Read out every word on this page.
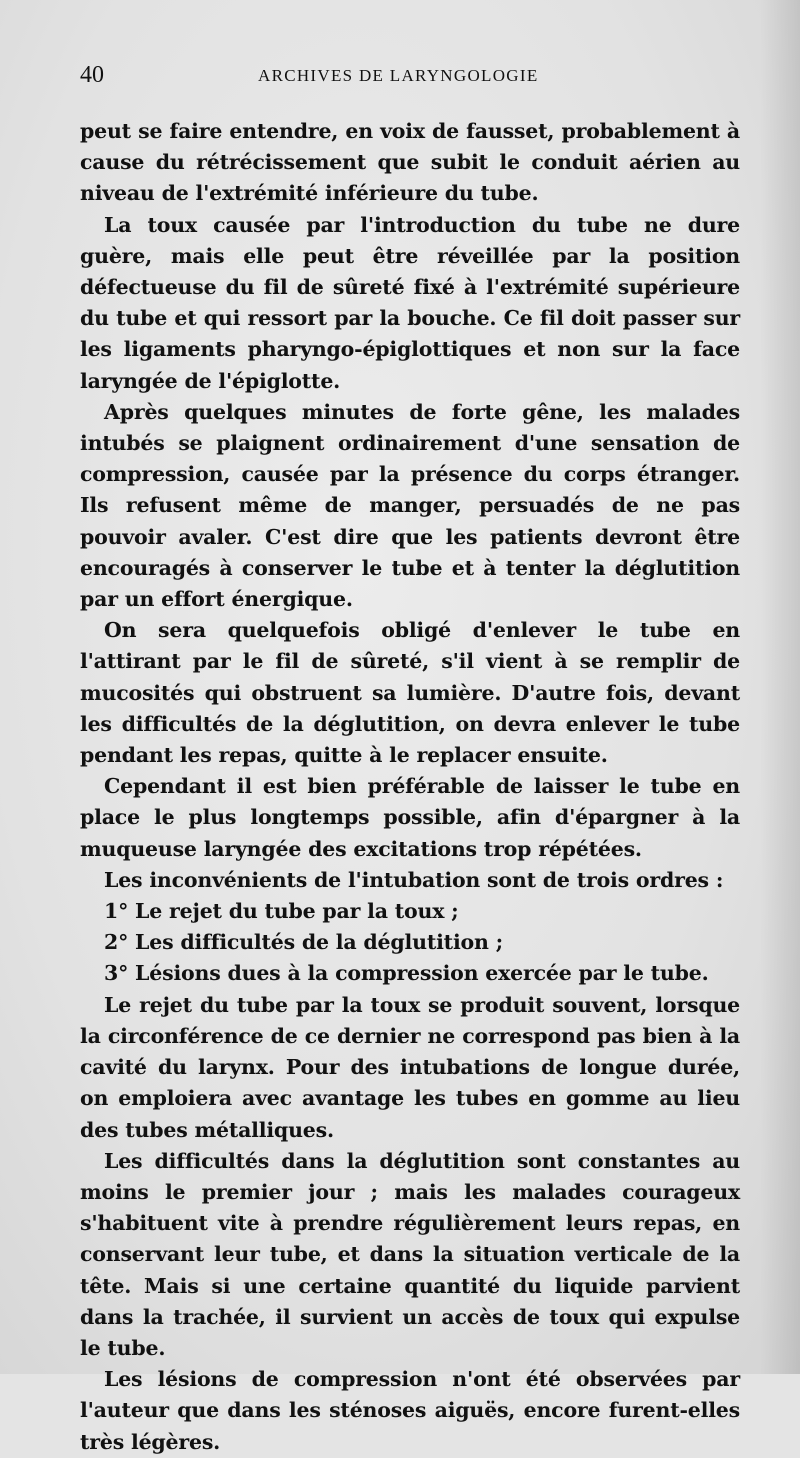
40	ARCHIVES DE LARYNGOLOGIE

peut se faire entendre, en voix de fausset, probablement à cause du rétrécissement que subit le conduit aérien au niveau de l'extrémité inférieure du tube.

La toux causée par l'introduction du tube ne dure guère, mais elle peut être réveillée par la position défectueuse du fil de sûreté fixé à l'extrémité supérieure du tube et qui ressort par la bouche. Ce fil doit passer sur les ligaments pharyngo-épiglottiques et non sur la face laryngée de l'épiglotte.

Après quelques minutes de forte gêne, les malades intubés se plaignent ordinairement d'une sensation de compression, causée par la présence du corps étranger. Ils refusent même de manger, persuadés de ne pas pouvoir avaler. C'est dire que les patients devront être encouragés à conserver le tube et à tenter la déglutition par un effort énergique.

On sera quelquefois obligé d'enlever le tube en l'attirant par le fil de sûreté, s'il vient à se remplir de mucosités qui obstruent sa lumière. D'autre fois, devant les difficultés de la déglutition, on devra enlever le tube pendant les repas, quitte à le replacer ensuite.

Cependant il est bien préférable de laisser le tube en place le plus longtemps possible, afin d'épargner à la muqueuse laryngée des excitations trop répétées.

Les inconvénients de l'intubation sont de trois ordres :

1° Le rejet du tube par la toux ;

2° Les difficultés de la déglutition ;

3° Lésions dues à la compression exercée par le tube.

Le rejet du tube par la toux se produit souvent, lorsque la circonférence de ce dernier ne correspond pas bien à la cavité du larynx. Pour des intubations de longue durée, on emploiera avec avantage les tubes en gomme au lieu des tubes métalliques.

Les difficultés dans la déglutition sont constantes au moins le premier jour ; mais les malades courageux s'habituent vite à prendre régulièrement leurs repas, en conservant leur tube, et dans la situation verticale de la tête. Mais si une certaine quantité du liquide parvient dans la trachée, il survient un accès de toux qui expulse le tube.

Les lésions de compression n'ont été observées par l'auteur que dans les sténoses aiguës, encore furent-elles très légères.
